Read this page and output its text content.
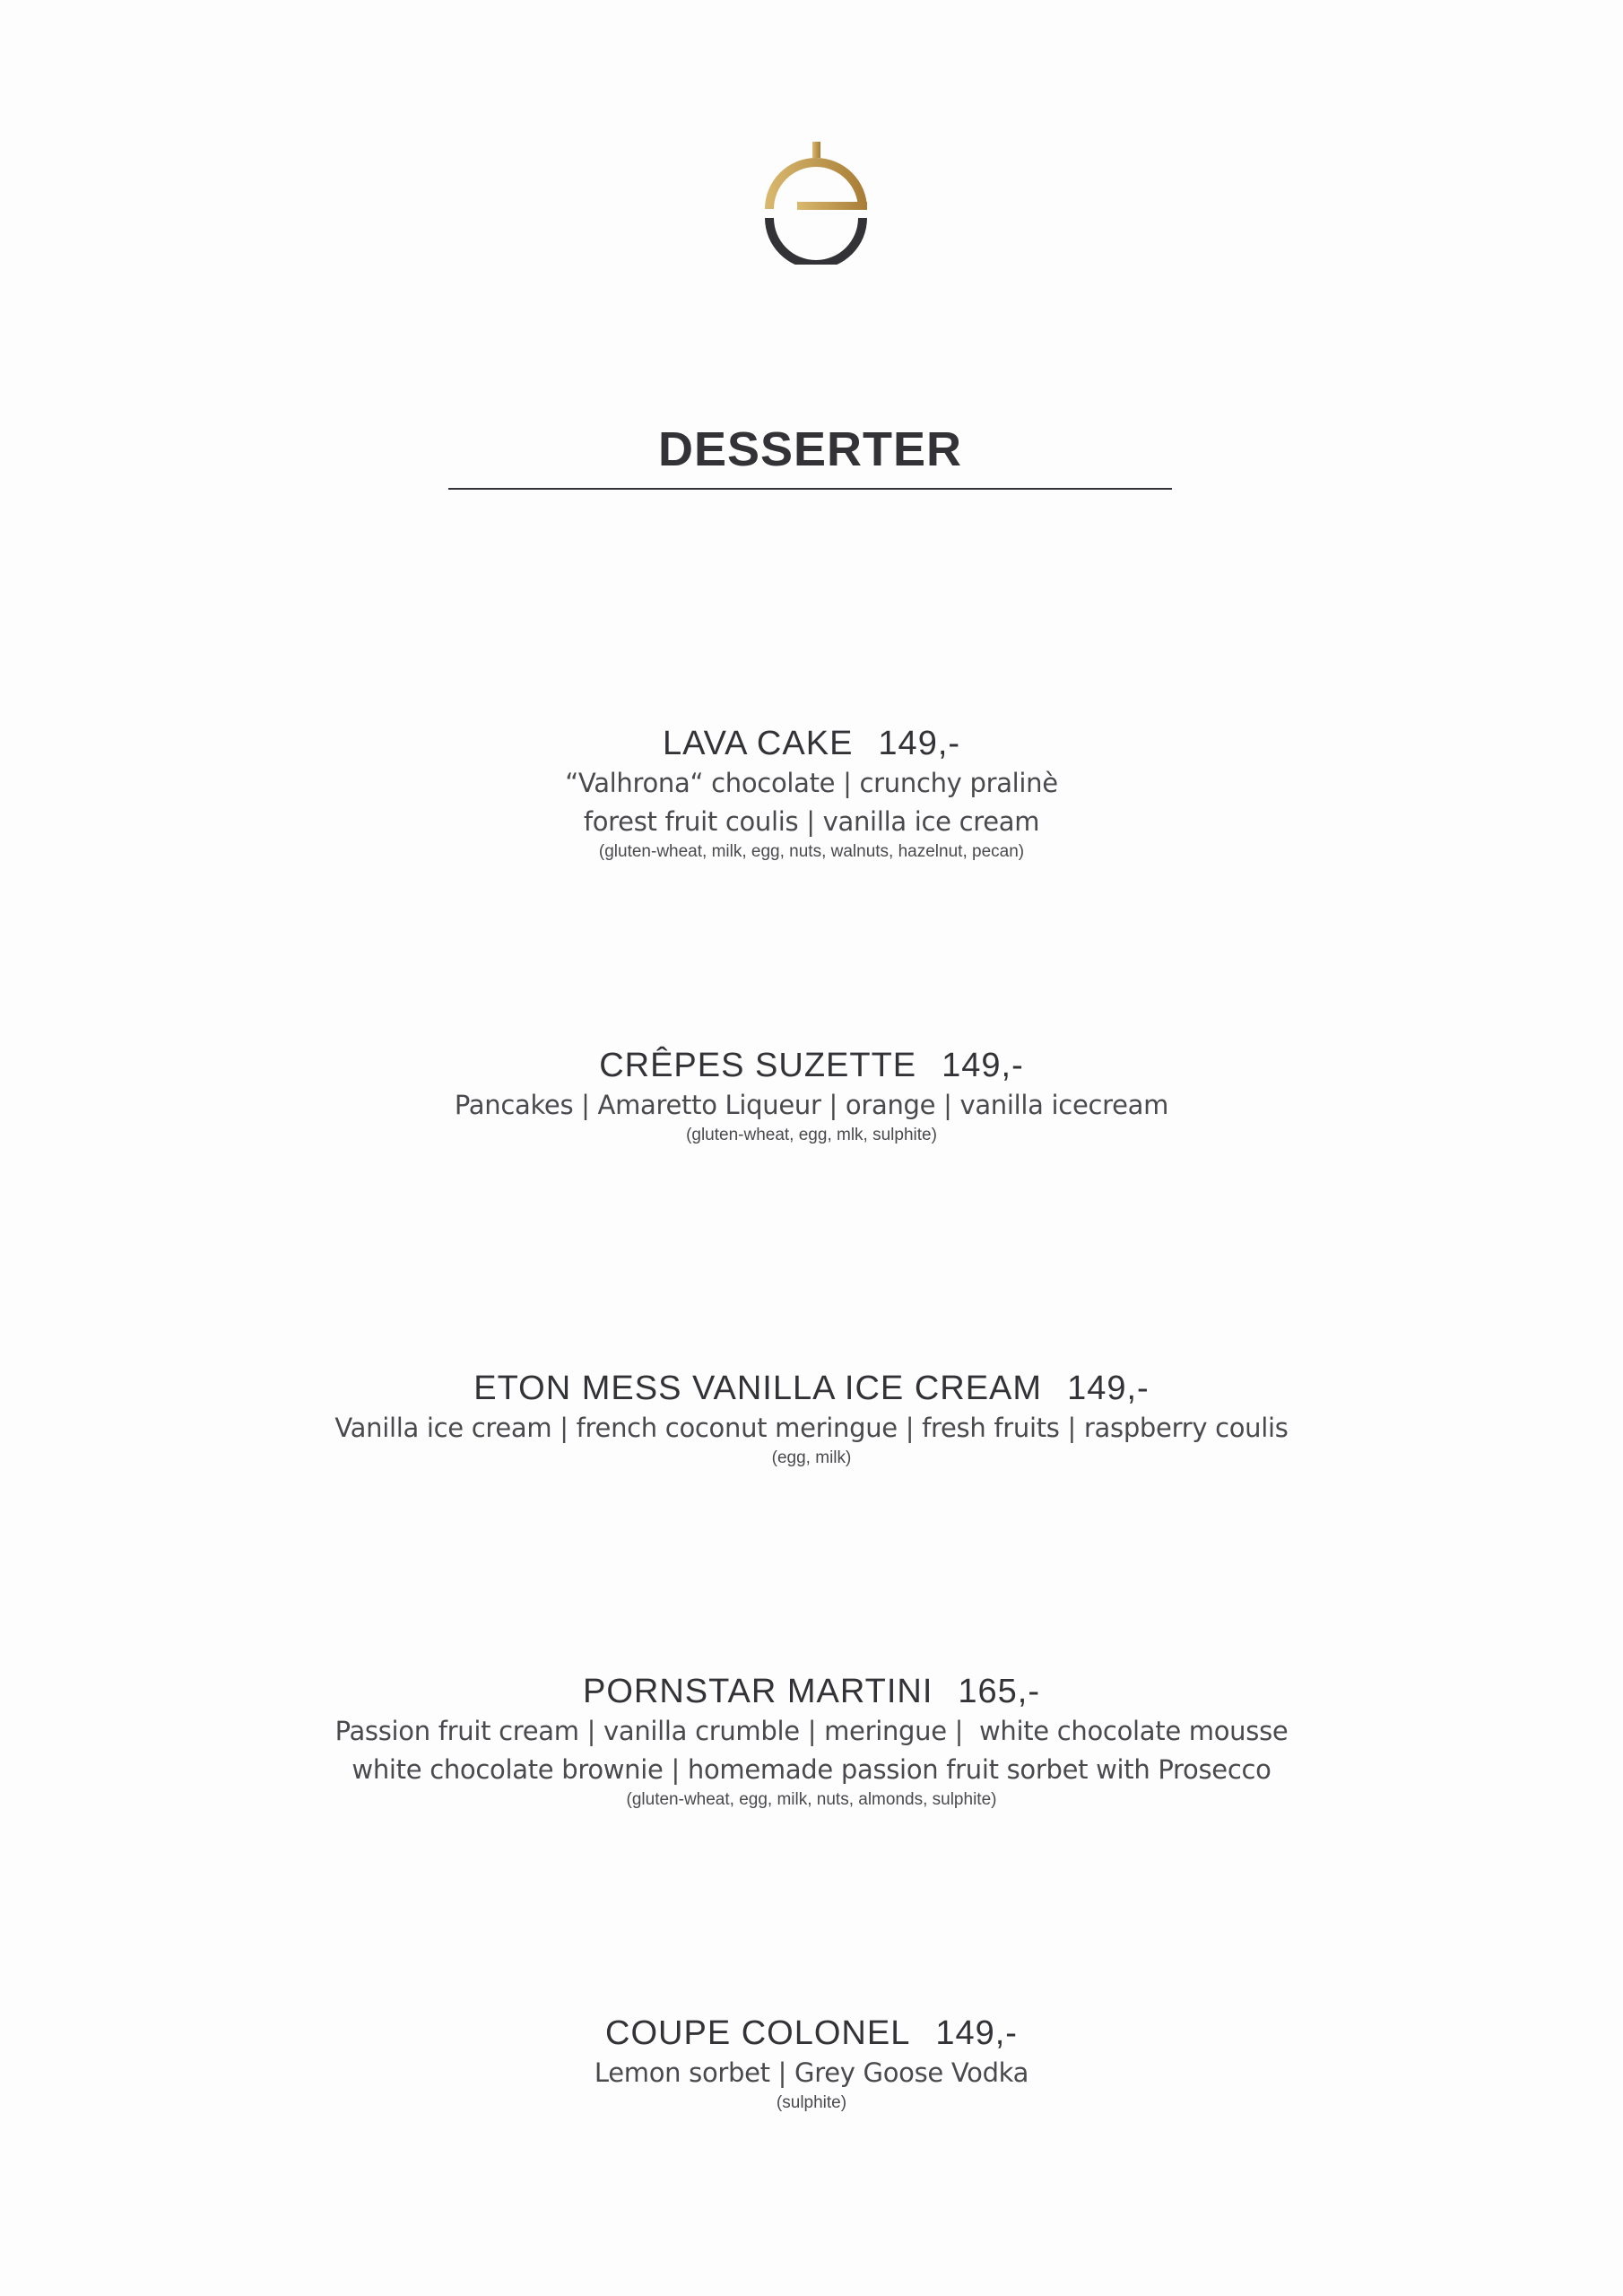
DESSERTER
LAVA CAKE 149,-
“Valhrona“ chocolate | crunchy pralinè
forest fruit coulis | vanilla ice cream
(gluten-wheat, milk, egg, nuts, walnuts, hazelnut, pecan)
CRÊPES SUZETTE 149,-
Pancakes | Amaretto Liqueur | orange | vanilla icecream
(gluten-wheat, egg, mlk, sulphite)
ETON MESS VANILLA ICE CREAM 149,-
Vanilla ice cream | french coconut meringue | fresh fruits | raspberry coulis
(egg, milk)
PORNSTAR MARTINI 165,-
Passion fruit cream | vanilla crumble | meringue |  white chocolate mousse
white chocolate brownie | homemade passion fruit sorbet with Prosecco
(gluten-wheat, egg, milk, nuts, almonds, sulphite)
COUPE COLONEL 149,-
Lemon sorbet | Grey Goose Vodka
(sulphite)
